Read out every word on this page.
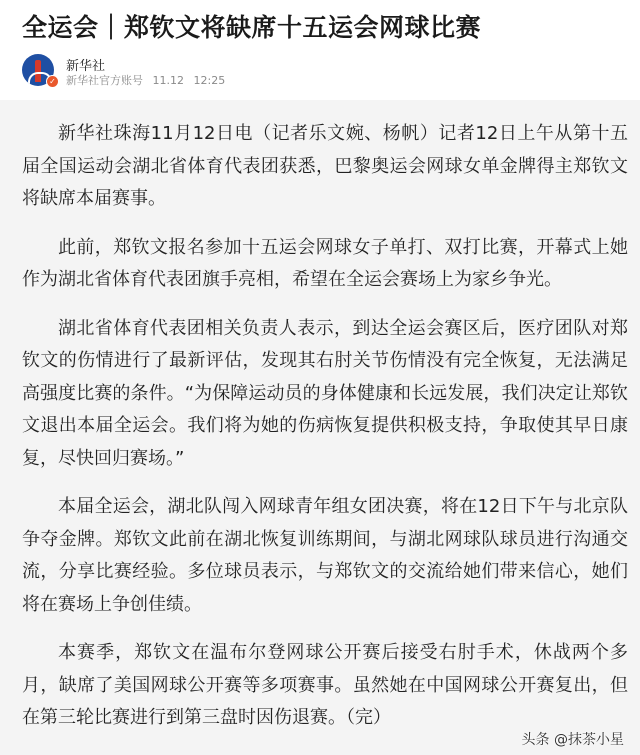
全运会｜郑钦文将缺席十五运会网球比赛
✓
新华社
新华社官方账号 11.12 12:25

新华社珠海11月12日电（记者乐文婉、杨帆）记者12日上午从第十五届全国运动会湖北省体育代表团获悉，巴黎奥运会网球女单金牌得主郑钦文将缺席本届赛事。

此前，郑钦文报名参加十五运会网球女子单打、双打比赛，开幕式上她作为湖北省体育代表团旗手亮相，希望在全运会赛场上为家乡争光。

湖北省体育代表团相关负责人表示，到达全运会赛区后，医疗团队对郑钦文的伤情进行了最新评估，发现其右肘关节伤情没有完全恢复，无法满足高强度比赛的条件。“为保障运动员的身体健康和长远发展，我们决定让郑钦文退出本届全运会。我们将为她的伤病恢复提供积极支持，争取使其早日康复，尽快回归赛场。”

本届全运会，湖北队闯入网球青年组女团决赛，将在12日下午与北京队争夺金牌。郑钦文此前在湖北恢复训练期间，与湖北网球队球员进行沟通交流，分享比赛经验。多位球员表示，与郑钦文的交流给她们带来信心，她们将在赛场上争创佳绩。

本赛季，郑钦文在温布尔登网球公开赛后接受右肘手术，休战两个多月，缺席了美国网球公开赛等多项赛事。虽然她在中国网球公开赛复出，但在第三轮比赛进行到第三盘时因伤退赛。（完）

头条 @抹茶小星
